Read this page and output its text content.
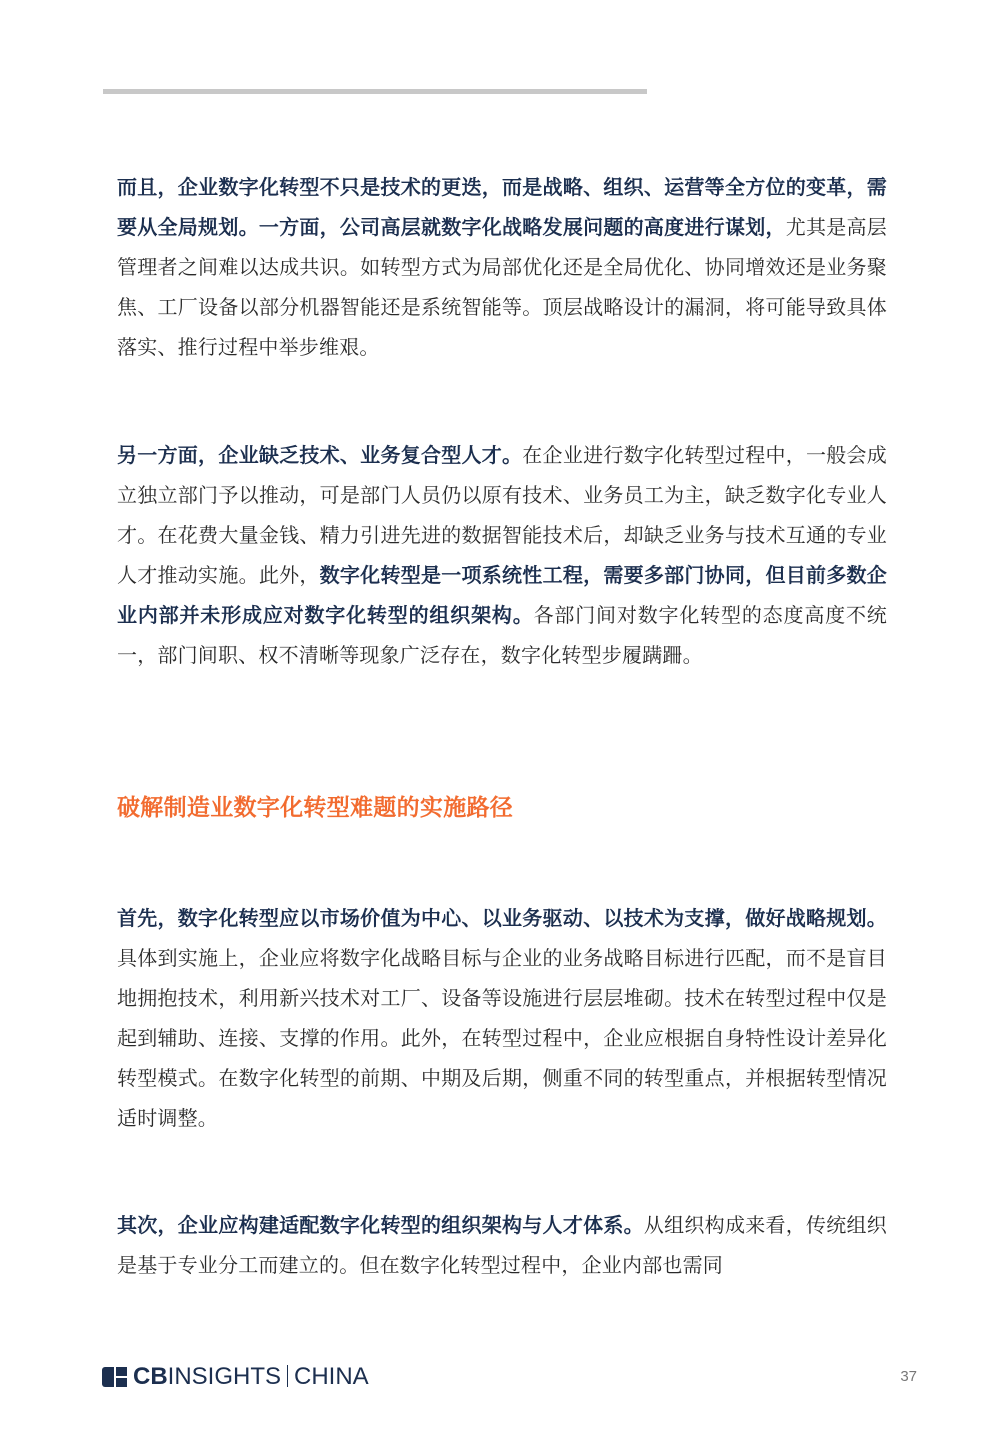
而且，企业数字化转型不只是技术的更迭，而是战略、组织、运营等全方位的变革，需要从全局规划。一方面，公司高层就数字化战略发展问题的高度进行谋划，尤其是高层管理者之间难以达成共识。如转型方式为局部优化还是全局优化、协同增效还是业务聚焦、工厂设备以部分机器智能还是系统智能等。顶层战略设计的漏洞，将可能导致具体落实、推行过程中举步维艰。

另一方面，企业缺乏技术、业务复合型人才。在企业进行数字化转型过程中，一般会成立独立部门予以推动，可是部门人员仍以原有技术、业务员工为主，缺乏数字化专业人才。在花费大量金钱、精力引进先进的数据智能技术后，却缺乏业务与技术互通的专业人才推动实施。此外，数字化转型是一项系统性工程，需要多部门协同，但目前多数企业内部并未形成应对数字化转型的组织架构。各部门间对数字化转型的态度高度不统一，部门间职、权不清晰等现象广泛存在，数字化转型步履蹒跚。

破解制造业数字化转型难题的实施路径

首先，数字化转型应以市场价值为中心、以业务驱动、以技术为支撑，做好战略规划。具体到实施上，企业应将数字化战略目标与企业的业务战略目标进行匹配，而不是盲目地拥抱技术，利用新兴技术对工厂、设备等设施进行层层堆砌。技术在转型过程中仅是起到辅助、连接、支撑的作用。此外，在转型过程中，企业应根据自身特性设计差异化转型模式。在数字化转型的前期、中期及后期，侧重不同的转型重点，并根据转型情况适时调整。

其次，企业应构建适配数字化转型的组织架构与人才体系。从组织构成来看，传统组织是基于专业分工而建立的。但在数字化转型过程中，企业内部也需同

CBINSIGHTS CHINA	37
